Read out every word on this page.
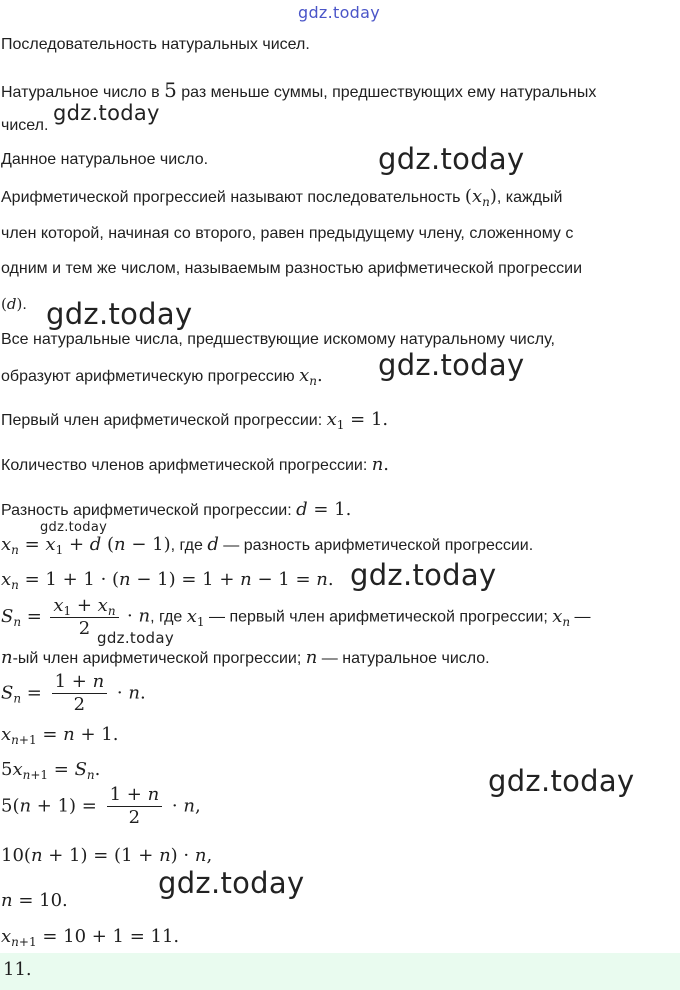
gdz.today
gdz.today
gdz.today
gdz.today
gdz.today
gdz.today
gdz.today
gdz.today
gdz.today
gdz.today
Последовательность натуральных чисел.
Натуральное число в 5 раз меньше суммы, предшествующих ему натуральных
чисел.
Данное натуральное число.
Арифметической прогрессией называют последовательность $(x_n)$, каждый
член которой, начиная со второго, равен предыдущему члену, сложенному с
одним и тем же числом, называемым разностью арифметической прогрессии
(d).
Все натуральные числа, предшествующие искомому натуральному числу,
образуют арифметическую прогрессию $x_n$.
Первый член арифметической прогрессии: $x_1 = 1$.
Количество членов арифметической прогрессии: n.
Разность арифметической прогрессии: d = 1.
$x_n = x_1 + d$ (n − 1), где d — разность арифметической прогрессии.
$x_n = 1 + 1 \cdot (n - 1) = 1 + n - 1 = n$.
$S_n = \frac{x_1 + x_n}{2} \cdot n$, где $x_1$ — первый член арифметической прогрессии; $x_n$ —
n-ый член арифметической прогрессии; n — натуральное число.
$S_n = \frac{1 + n}{2} \cdot n$.
$x_{n+1} = n + 1$.
$5x_{n+1} = S_n$.
$5(n + 1) = \frac{1 + n}{2} \cdot n$,
10(n + 1) = (1 + n) · n,
n = 10.
$x_{n+1} = 10 + 1 = 11$.
11.
